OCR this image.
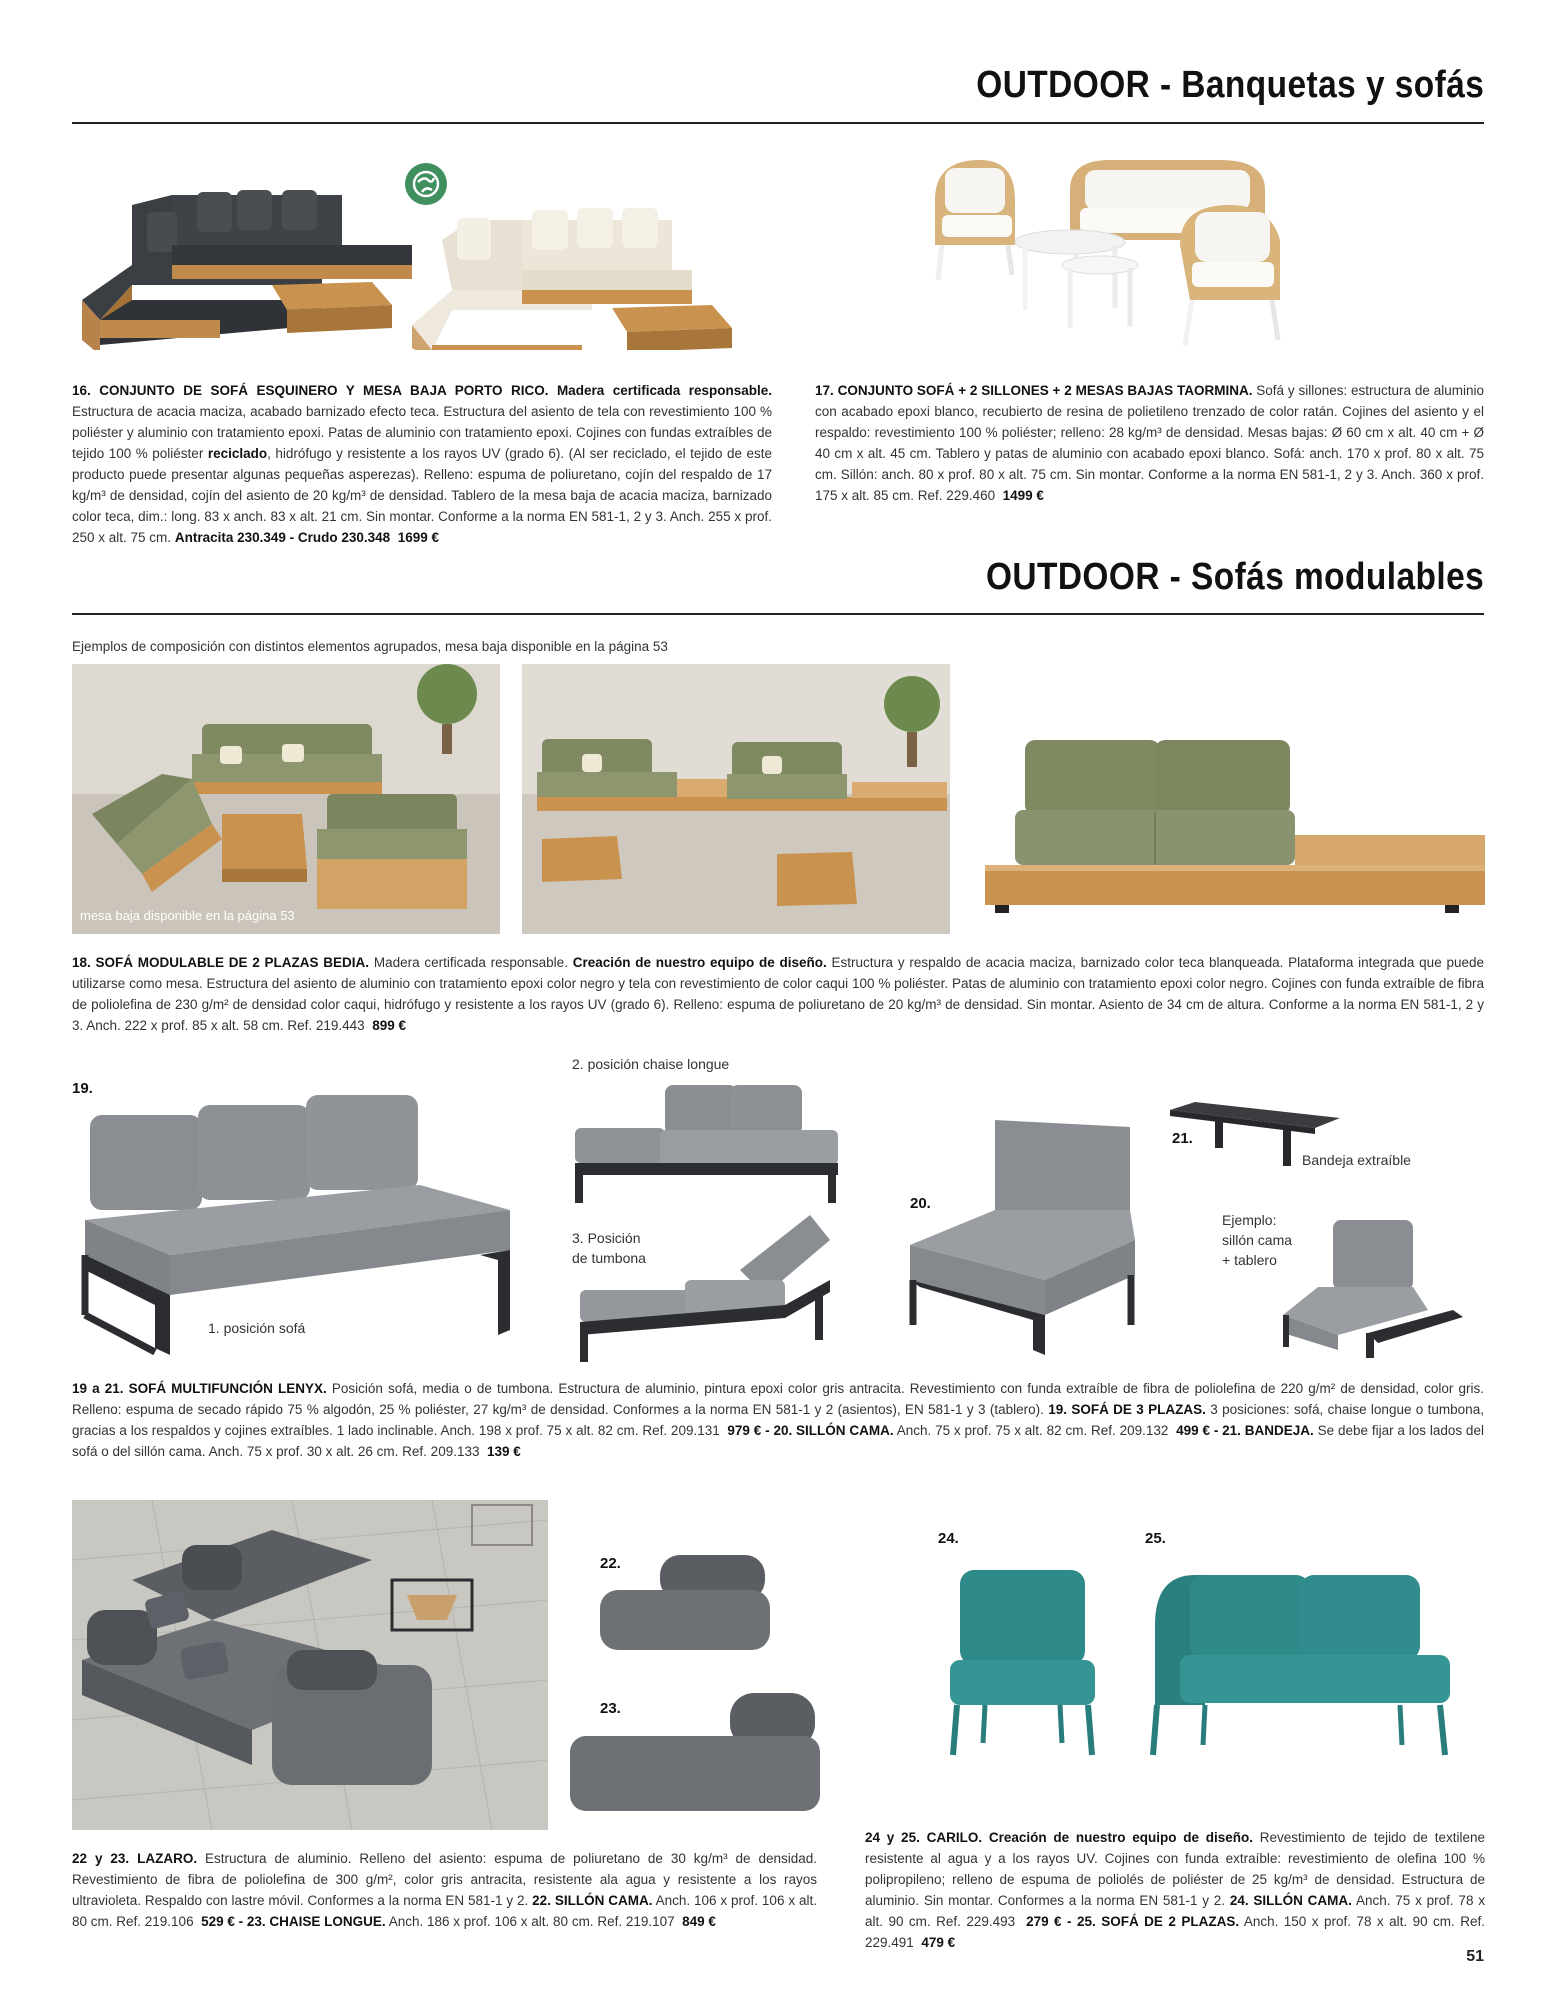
OUTDOOR - Banquetas y sofás
16. CONJUNTO DE SOFÁ ESQUINERO Y MESA BAJA PORTO RICO. Madera certificada responsable. Estructura de acacia maciza, acabado barnizado efecto teca. Estructura del asiento de tela con revestimiento 100 % poliéster y aluminio con tratamiento epoxi. Patas de aluminio con tratamiento epoxi. Cojines con fundas extraíbles de tejido 100 % poliéster reciclado, hidrófugo y resistente a los rayos UV (grado 6). (Al ser reciclado, el tejido de este producto puede presentar algunas pequeñas asperezas). Relleno: espuma de poliuretano, cojín del respaldo de 17 kg/m³ de densidad, cojín del asiento de 20 kg/m³ de densidad. Tablero de la mesa baja de acacia maciza, barnizado color teca, dim.: long. 83 x anch. 83 x alt. 21 cm. Sin montar. Conforme a la norma EN 581-1, 2 y 3. Anch. 255 x prof. 250 x alt. 75 cm. Antracita 230.349 - Crudo 230.348 1699 €
17. CONJUNTO SOFÁ + 2 SILLONES + 2 MESAS BAJAS TAORMINA. Sofá y sillones: estructura de aluminio con acabado epoxi blanco, recubierto de resina de polietileno trenzado de color ratán. Cojines del asiento y el respaldo: revestimiento 100 % poliéster; relleno: 28 kg/m³ de densidad. Mesas bajas: Ø 60 cm x alt. 40 cm + Ø 40 cm x alt. 45 cm. Tablero y patas de aluminio con acabado epoxi blanco. Sofá: anch. 170 x prof. 80 x alt. 75 cm. Sillón: anch. 80 x prof. 80 x alt. 75 cm. Sin montar. Conforme a la norma EN 581-1, 2 y 3. Anch. 360 x prof. 175 x alt. 85 cm. Ref. 229.460 1499 €
OUTDOOR - Sofás modulables
Ejemplos de composición con distintos elementos agrupados, mesa baja disponible en la página 53
mesa baja disponible en la página 53
18. SOFÁ MODULABLE DE 2 PLAZAS BEDIA. Madera certificada responsable. Creación de nuestro equipo de diseño. Estructura y respaldo de acacia maciza, barnizado color teca blanqueada. Plataforma integrada que puede utilizarse como mesa. Estructura del asiento de aluminio con tratamiento epoxi color negro y tela con revestimiento de color caqui 100 % poliéster. Patas de aluminio con tratamiento epoxi color negro. Cojines con funda extraíble de fibra de poliolefina de 230 g/m² de densidad color caqui, hidrófugo y resistente a los rayos UV (grado 6). Relleno: espuma de poliuretano de 20 kg/m³ de densidad. Sin montar. Asiento de 34 cm de altura. Conforme a la norma EN 581-1, 2 y 3. Anch. 222 x prof. 85 x alt. 58 cm. Ref. 219.443 899 €
19.
2. posición chaise longue
1. posición sofá
3. Posición
de tumbona
20.
21.
Bandeja extraíble
Ejemplo:
sillón cama
+ tablero
19 a 21. SOFÁ MULTIFUNCIÓN LENYX. Posición sofá, media o de tumbona. Estructura de aluminio, pintura epoxi color gris antracita. Revestimiento con funda extraíble de fibra de poliolefina de 220 g/m² de densidad, color gris. Relleno: espuma de secado rápido 75 % algodón, 25 % poliéster, 27 kg/m³ de densidad. Conformes a la norma EN 581-1 y 2 (asientos), EN 581-1 y 3 (tablero). 19. SOFÁ DE 3 PLAZAS. 3 posiciones: sofá, chaise longue o tumbona, gracias a los respaldos y cojines extraíbles. 1 lado inclinable. Anch. 198 x prof. 75 x alt. 82 cm. Ref. 209.131 979 € - 20. SILLÓN CAMA. Anch. 75 x prof. 75 x alt. 82 cm. Ref. 209.132 499 € - 21. BANDEJA. Se debe fijar a los lados del sofá o del sillón cama. Anch. 75 x prof. 30 x alt. 26 cm. Ref. 209.133 139 €
22.
23.
22 y 23. LAZARO. Estructura de aluminio. Relleno del asiento: espuma de poliuretano de 30 kg/m³ de densidad. Revestimiento de fibra de poliolefina de 300 g/m², color gris antracita, resistente ala agua y resistente a los rayos ultravioleta. Respaldo con lastre móvil. Conformes a la norma EN 581-1 y 2. 22. SILLÓN CAMA. Anch. 106 x prof. 106 x alt. 80 cm. Ref. 219.106 529 € - 23. CHAISE LONGUE. Anch. 186 x prof. 106 x alt. 80 cm. Ref. 219.107 849 €
24.	25.
24 y 25. CARILO. Creación de nuestro equipo de diseño. Revestimiento de tejido de textilene resistente al agua y a los rayos UV. Cojines con funda extraíble: revestimiento de olefina 100 % polipropileno; relleno de espuma de poliolés de poliéster de 25 kg/m³ de densidad. Estructura de aluminio. Sin montar. Conformes a la norma EN 581-1 y 2. 24. SILLÓN CAMA. Anch. 75 x prof. 78 x alt. 90 cm. Ref. 229.493 279 € - 25. SOFÁ DE 2 PLAZAS. Anch. 150 x prof. 78 x alt. 90 cm. Ref. 229.491 479 €
51
